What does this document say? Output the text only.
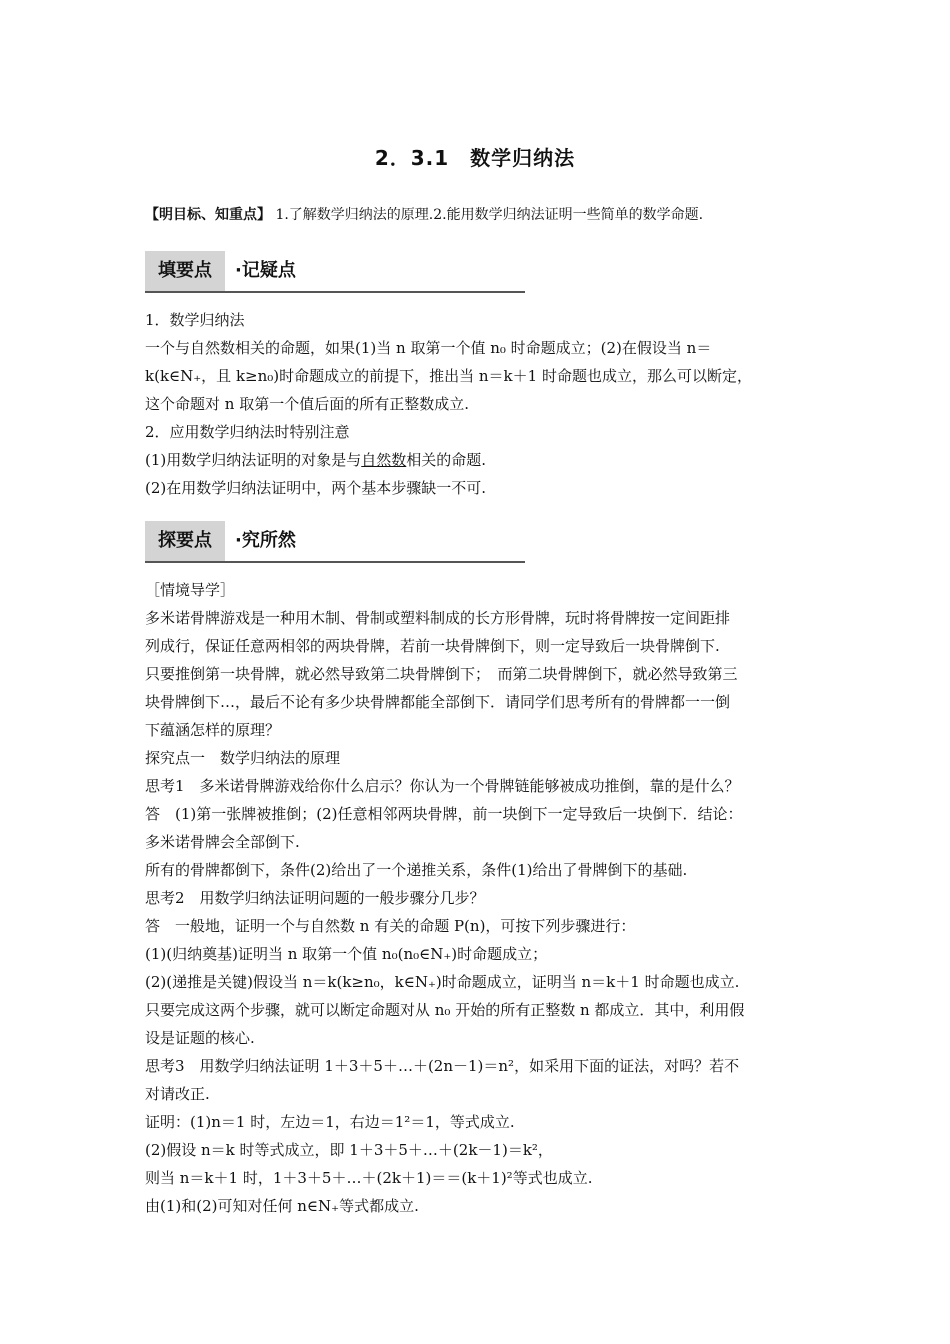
2．3.1　数学归纳法
【明目标、知重点】 1.了解数学归纳法的原理.2.能用数学归纳法证明一些简单的数学命题.
填要点	·记疑点
1．数学归纳法
一个与自然数相关的命题，如果(1)当 n 取第一个值 n₀ 时命题成立；(2)在假设当 n＝
k(k∈N₊，且 k≥n₀)时命题成立的前提下，推出当 n＝k＋1 时命题也成立，那么可以断定，
这个命题对 n 取第一个值后面的所有正整数成立.
2．应用数学归纳法时特别注意
(1)用数学归纳法证明的对象是与自然数相关的命题.
(2)在用数学归纳法证明中，两个基本步骤缺一不可.
探要点	·究所然
［情境导学］
多米诺骨牌游戏是一种用木制、骨制或塑料制成的长方形骨牌，玩时将骨牌按一定间距排
列成行，保证任意两相邻的两块骨牌，若前一块骨牌倒下，则一定导致后一块骨牌倒下.
只要推倒第一块骨牌，就必然导致第二块骨牌倒下；　而第二块骨牌倒下，就必然导致第三
块骨牌倒下…，最后不论有多少块骨牌都能全部倒下．请同学们思考所有的骨牌都一一倒
下蕴涵怎样的原理？
探究点一　数学归纳法的原理
思考1　多米诺骨牌游戏给你什么启示？你认为一个骨牌链能够被成功推倒，靠的是什么？
答　(1)第一张牌被推倒；(2)任意相邻两块骨牌，前一块倒下一定导致后一块倒下．结论：
多米诺骨牌会全部倒下.
所有的骨牌都倒下，条件(2)给出了一个递推关系，条件(1)给出了骨牌倒下的基础.
思考2　用数学归纳法证明问题的一般步骤分几步？
答　一般地，证明一个与自然数 n 有关的命题 P(n)，可按下列步骤进行：
(1)(归纳奠基)证明当 n 取第一个值 n₀(n₀∈N₊)时命题成立；
(2)(递推是关键)假设当 n＝k(k≥n₀，k∈N₊)时命题成立，证明当 n＝k＋1 时命题也成立.
只要完成这两个步骤，就可以断定命题对从 n₀ 开始的所有正整数 n 都成立．其中，利用假
设是证题的核心.
思考3　用数学归纳法证明 1＋3＋5＋…＋(2n－1)＝n²，如采用下面的证法，对吗？若不
对请改正.
证明：(1)n＝1 时，左边＝1，右边＝1²＝1，等式成立.
(2)假设 n＝k 时等式成立，即 1＋3＋5＋…＋(2k－1)＝k²，
则当 n＝k＋1 时，1＋3＋5＋…＋(2k＋1)＝＝(k＋1)²等式也成立.
由(1)和(2)可知对任何 n∈N₊等式都成立.
